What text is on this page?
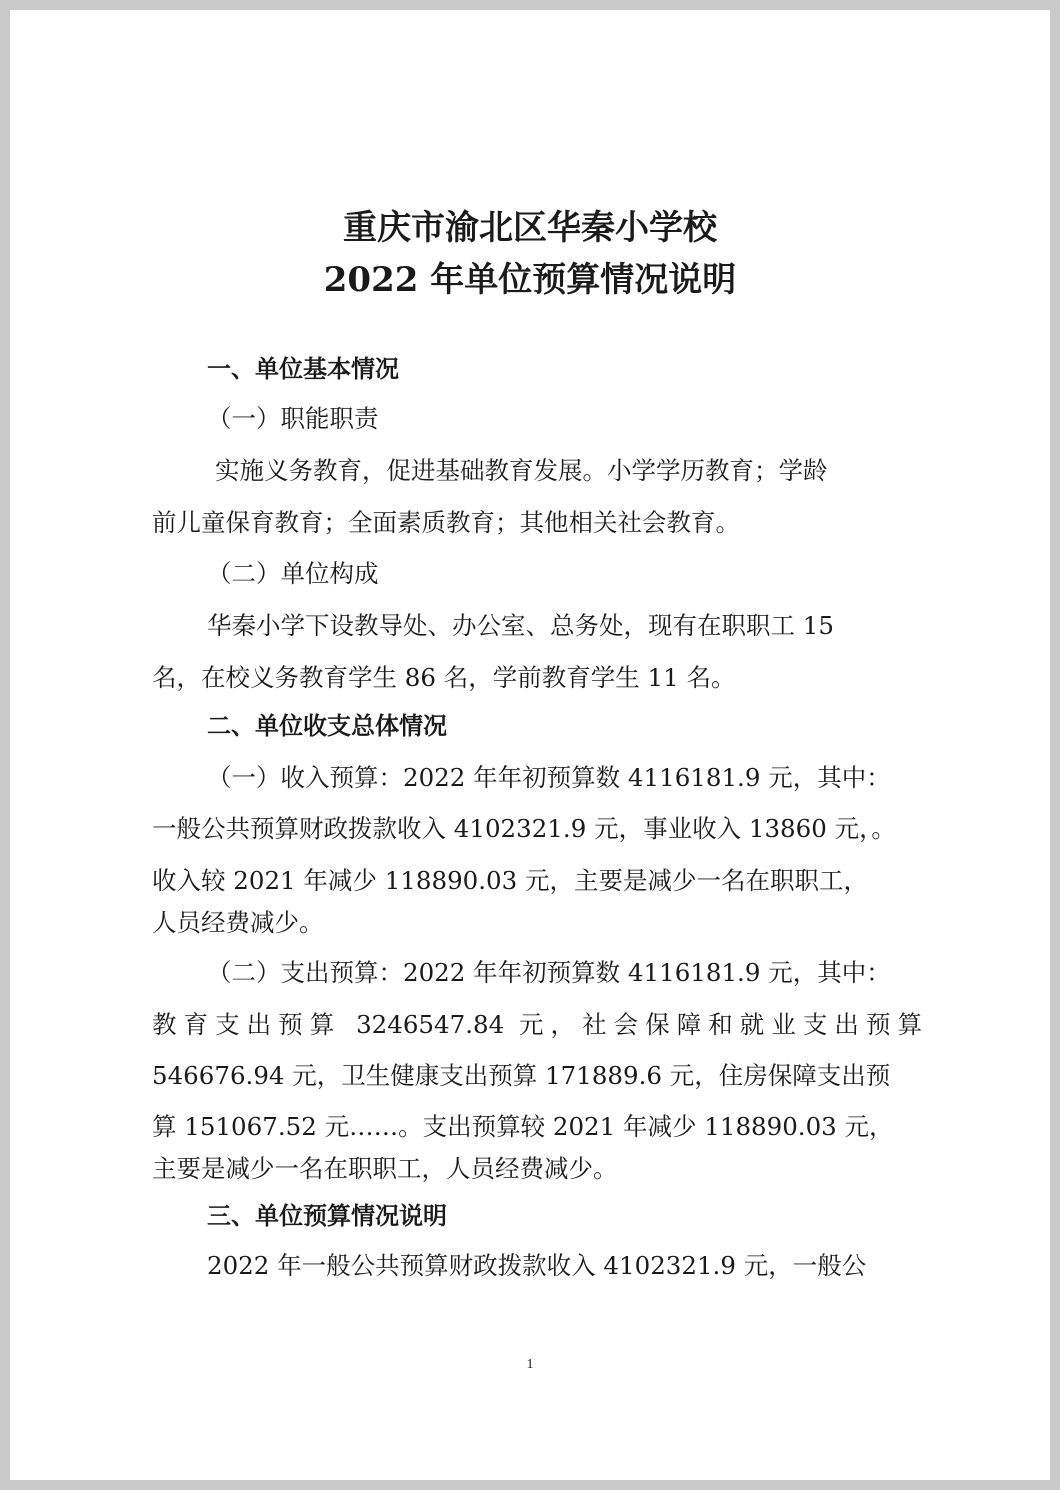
重庆市渝北区华秦小学校
2022 年单位预算情况说明
一、单位基本情况
（一）职能职责
实施义务教育，促进基础教育发展。小学学历教育；学龄
前儿童保育教育；全面素质教育；其他相关社会教育。
（二）单位构成
华秦小学下设教导处、办公室、总务处，现有在职职工 15
名，在校义务教育学生 86 名，学前教育学生 11 名。
二、单位收支总体情况
（一）收入预算：2022 年年初预算数 4116181.9 元，其中：
一般公共预算财政拨款收入 4102321.9 元，事业收入 13860 元，。
收入较 2021 年减少 118890.03 元，主要是减少一名在职职工，
人员经费减少。
（二）支出预算：2022 年年初预算数 4116181.9 元，其中：
教育支出预算 3246547.84 元，社会保障和就业支出预算
546676.94 元，卫生健康支出预算 171889.6 元，住房保障支出预
算 151067.52 元……。支出预算较 2021 年减少 118890.03 元，
主要是减少一名在职职工，人员经费减少。
三、单位预算情况说明
2022 年一般公共预算财政拨款收入 4102321.9 元，一般公
1
